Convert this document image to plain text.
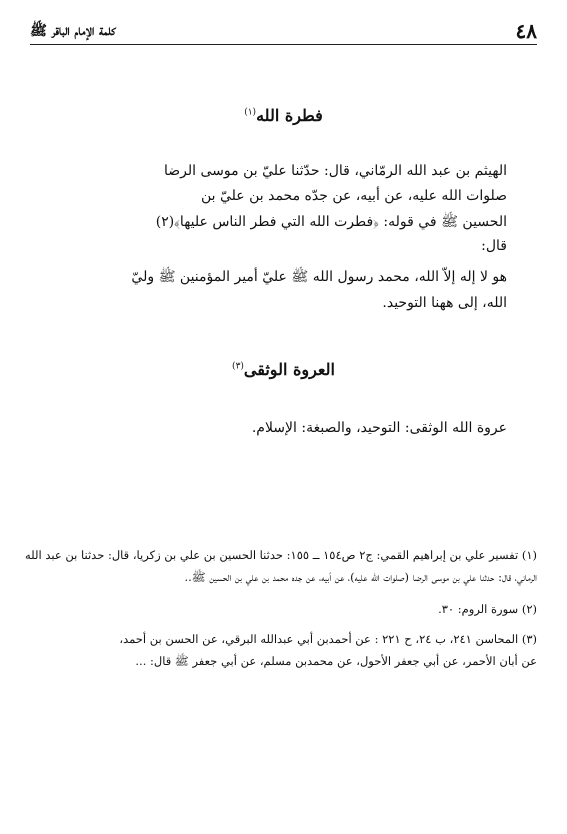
كلمة الإمام الباقر ﷺ	٤٨
فطرة الله$^{(١)}$
الهيثم بن عبد الله الرمّاني، قال: حدّثنا عليّ بن موسى الرضا
صلوات الله عليه، عن أبيه، عن جدّه محمد بن عليّ بن
الحسين ﷺ في قوله: ﴿فطرت الله التي فطر الناس عليها﴾(٢)
قال:
هو لا إله إلاّ الله، محمد رسول الله ﷺ عليّ أمير المؤمنين ﷺ وليّ
الله، إلى ههنا التوحيد.
العروة الوثقى$^{(٣)}$
عروة الله الوثقى: التوحيد، والصبغة: الإسلام.
(١) تفسير علي بن إبراهيم القمي: ج٢ ص١٥٤ ــ ١٥٥: حدثنا الحسين بن علي بن زكريا، قال: حدثنا بن عبد الله
الرماني، قال: حدثنا علي بن موسى الرضا (صلوات الله عليه)، عن أبيه، عن جده محمد بن علي بن الحسين ﷺ..
(٢) سورة الروم: ٣٠.
(٣) المحاسن ٢٤١، ب ٢٤، ح ٢٢١ : عن أحمدبن أبي عبدالله البرقي، عن الحسن بن أحمد،
عن أبان الأحمر، عن أبي جعفر الأحول، عن محمدبن مسلم، عن أبي جعفر ﷺ قال: ...
